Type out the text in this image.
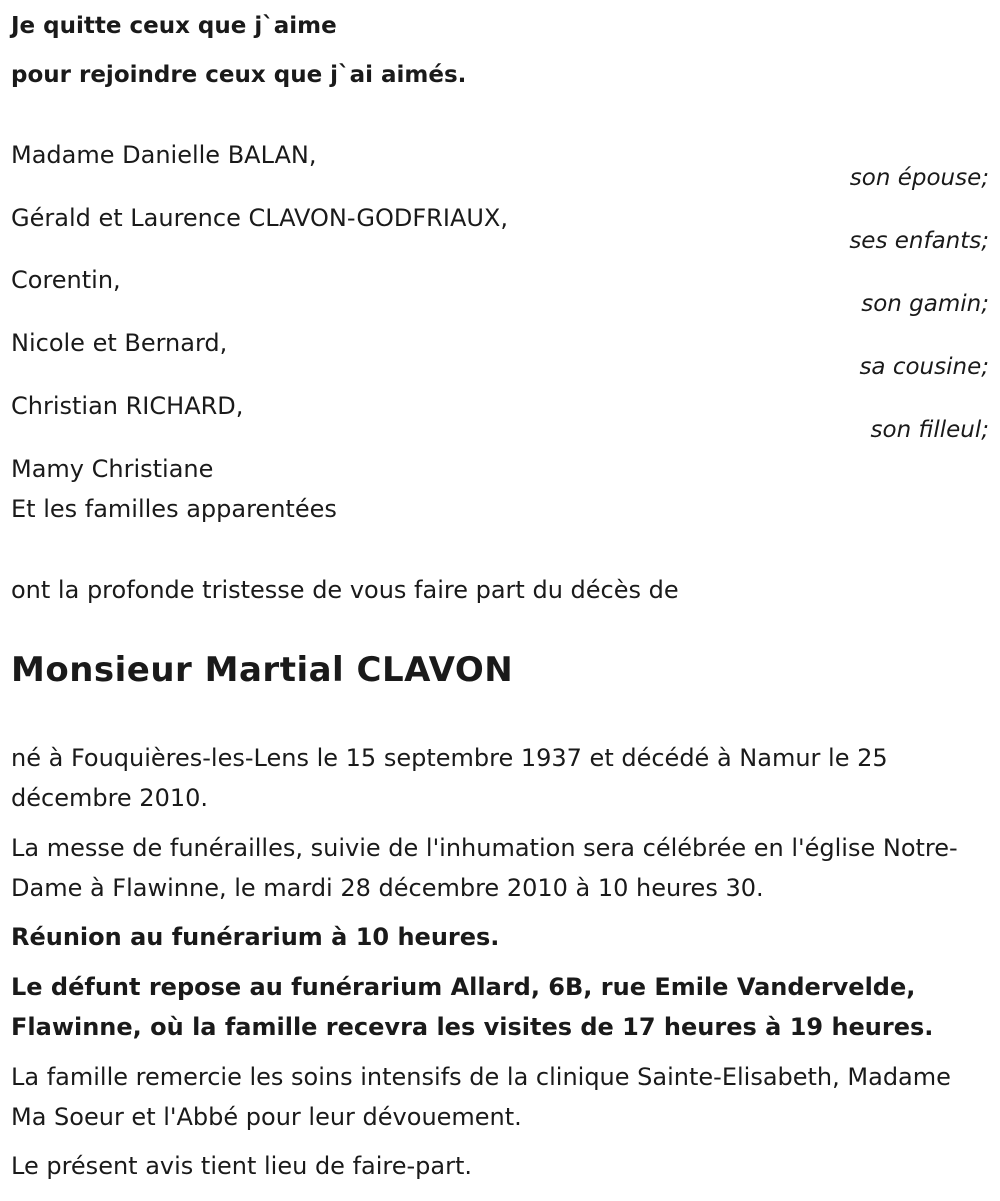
Je quitte ceux que j`aime

pour rejoindre ceux que j`ai aimés.

Madame Danielle BALAN,
son épouse;
Gérald et Laurence CLAVON-GODFRIAUX,
ses enfants;
Corentin,
son gamin;
Nicole et Bernard,
sa cousine;
Christian RICHARD,
son filleul;
Mamy Christiane
Et les familles apparentées

ont la profonde tristesse de vous faire part du décès de

Monsieur Martial CLAVON

né à Fouquières-les-Lens le 15 septembre 1937 et décédé à Namur le 25 décembre 2010.

La messe de funérailles, suivie de l'inhumation sera célébrée en l'église Notre-Dame à Flawinne, le mardi 28 décembre 2010 à 10 heures 30.

Réunion au funérarium à 10 heures.

Le défunt repose au funérarium Allard, 6B, rue Emile Vandervelde, Flawinne, où la famille recevra les visites de 17 heures à 19 heures.

La famille remercie les soins intensifs de la clinique Sainte-Elisabeth, Madame Ma Soeur et l'Abbé pour leur dévouement.

Le présent avis tient lieu de faire-part.
